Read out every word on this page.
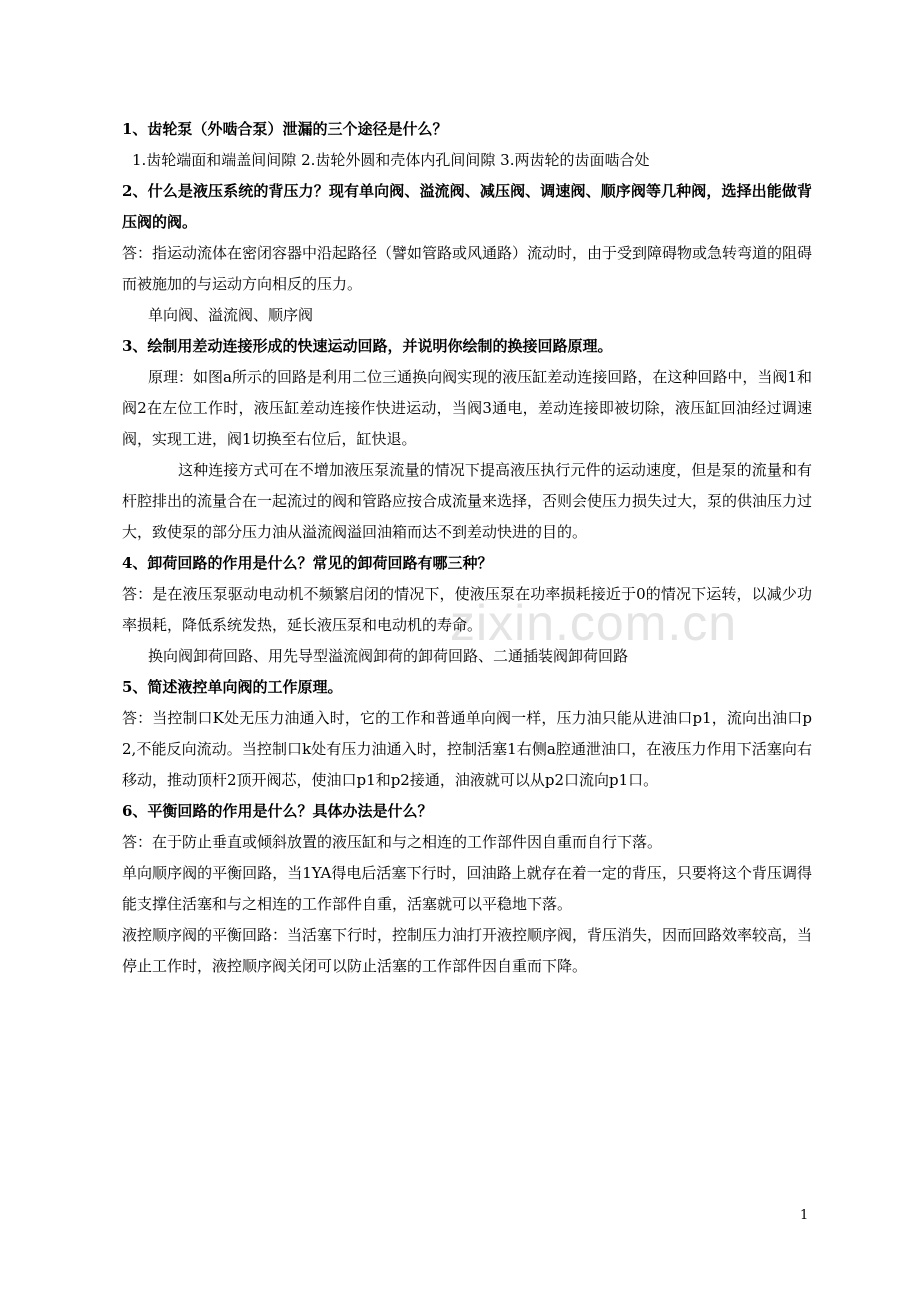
zixin.com.cn

1、齿轮泵（外啮合泵）泄漏的三个途径是什么？

1.齿轮端面和端盖间间隙 2.齿轮外圆和壳体内孔间间隙 3.两齿轮的齿面啮合处

2、什么是液压系统的背压力？现有单向阀、溢流阀、减压阀、调速阀、顺序阀等几种阀，选择出能做背压阀的阀。

答：指运动流体在密闭容器中沿起路径（譬如管路或风通路）流动时，由于受到障碍物或急转弯道的阻碍而被施加的与运动方向相反的压力。

单向阀、溢流阀、顺序阀

3、绘制用差动连接形成的快速运动回路，并说明你绘制的换接回路原理。

原理：如图a所示的回路是利用二位三通换向阀实现的液压缸差动连接回路，在这种回路中，当阀1和阀2在左位工作时，液压缸差动连接作快进运动，当阀3通电，差动连接即被切除，液压缸回油经过调速阀，实现工进，阀1切换至右位后，缸快退。

这种连接方式可在不增加液压泵流量的情况下提高液压执行元件的运动速度，但是泵的流量和有杆腔排出的流量合在一起流过的阀和管路应按合成流量来选择，否则会使压力损失过大，泵的供油压力过大，致使泵的部分压力油从溢流阀溢回油箱而达不到差动快进的目的。

4、卸荷回路的作用是什么？常见的卸荷回路有哪三种？

答：是在液压泵驱动电动机不频繁启闭的情况下，使液压泵在功率损耗接近于0的情况下运转，以减少功率损耗，降低系统发热，延长液压泵和电动机的寿命。

换向阀卸荷回路、用先导型溢流阀卸荷的卸荷回路、二通插装阀卸荷回路

5、简述液控单向阀的工作原理。

答：当控制口K处无压力油通入时，它的工作和普通单向阀一样，压力油只能从进油口p1，流向出油口p2,不能反向流动。当控制口k处有压力油通入时，控制活塞1右侧a腔通泄油口，在液压力作用下活塞向右移动，推动顶杆2顶开阀芯，使油口p1和p2接通，油液就可以从p2口流向p1口。

6、平衡回路的作用是什么？具体办法是什么？

答：在于防止垂直或倾斜放置的液压缸和与之相连的工作部件因自重而自行下落。

单向顺序阀的平衡回路，当1YA得电后活塞下行时，回油路上就存在着一定的背压，只要将这个背压调得能支撑住活塞和与之相连的工作部件自重，活塞就可以平稳地下落。

液控顺序阀的平衡回路：当活塞下行时，控制压力油打开液控顺序阀，背压消失，因而回路效率较高，当停止工作时，液控顺序阀关闭可以防止活塞的工作部件因自重而下降。

1
